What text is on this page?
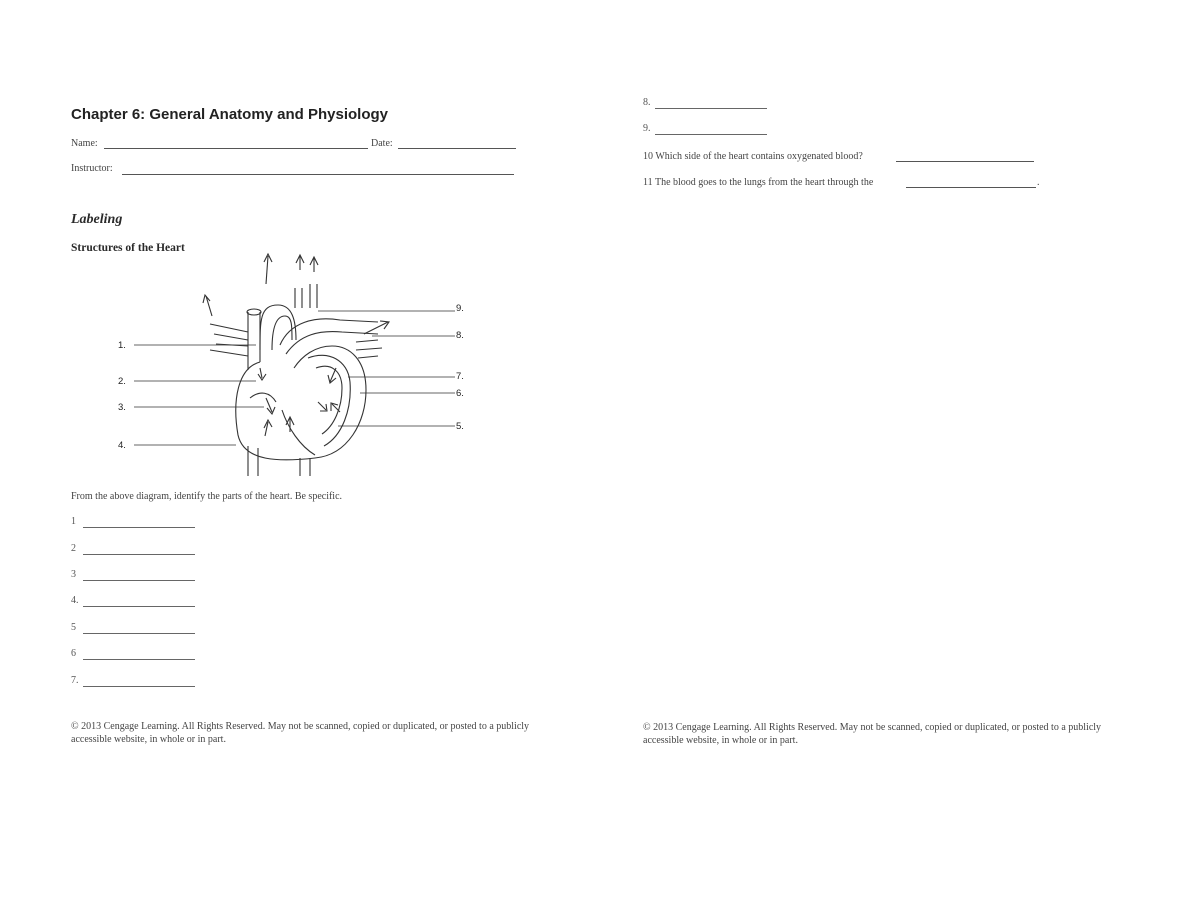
Chapter 6: General Anatomy and Physiology
Name:	Date:
Instructor:
Labeling
Structures of the Heart
1.
2.
3.
4.
5.
6.
7.
8.
9.
From the above diagram, identify the parts of the heart. Be specific.
1
2
3
4.
5
6
7.
© 2013 Cengage Learning. All Rights Reserved. May not be scanned, copied or duplicated, or posted to a publicly accessible website, in whole or in part.
8.
9.
10 Which side of the heart contains oxygenated blood?
11 The blood goes to the lungs from the heart through the	.
© 2013 Cengage Learning. All Rights Reserved. May not be scanned, copied or duplicated, or posted to a publicly accessible website, in whole or in part.
